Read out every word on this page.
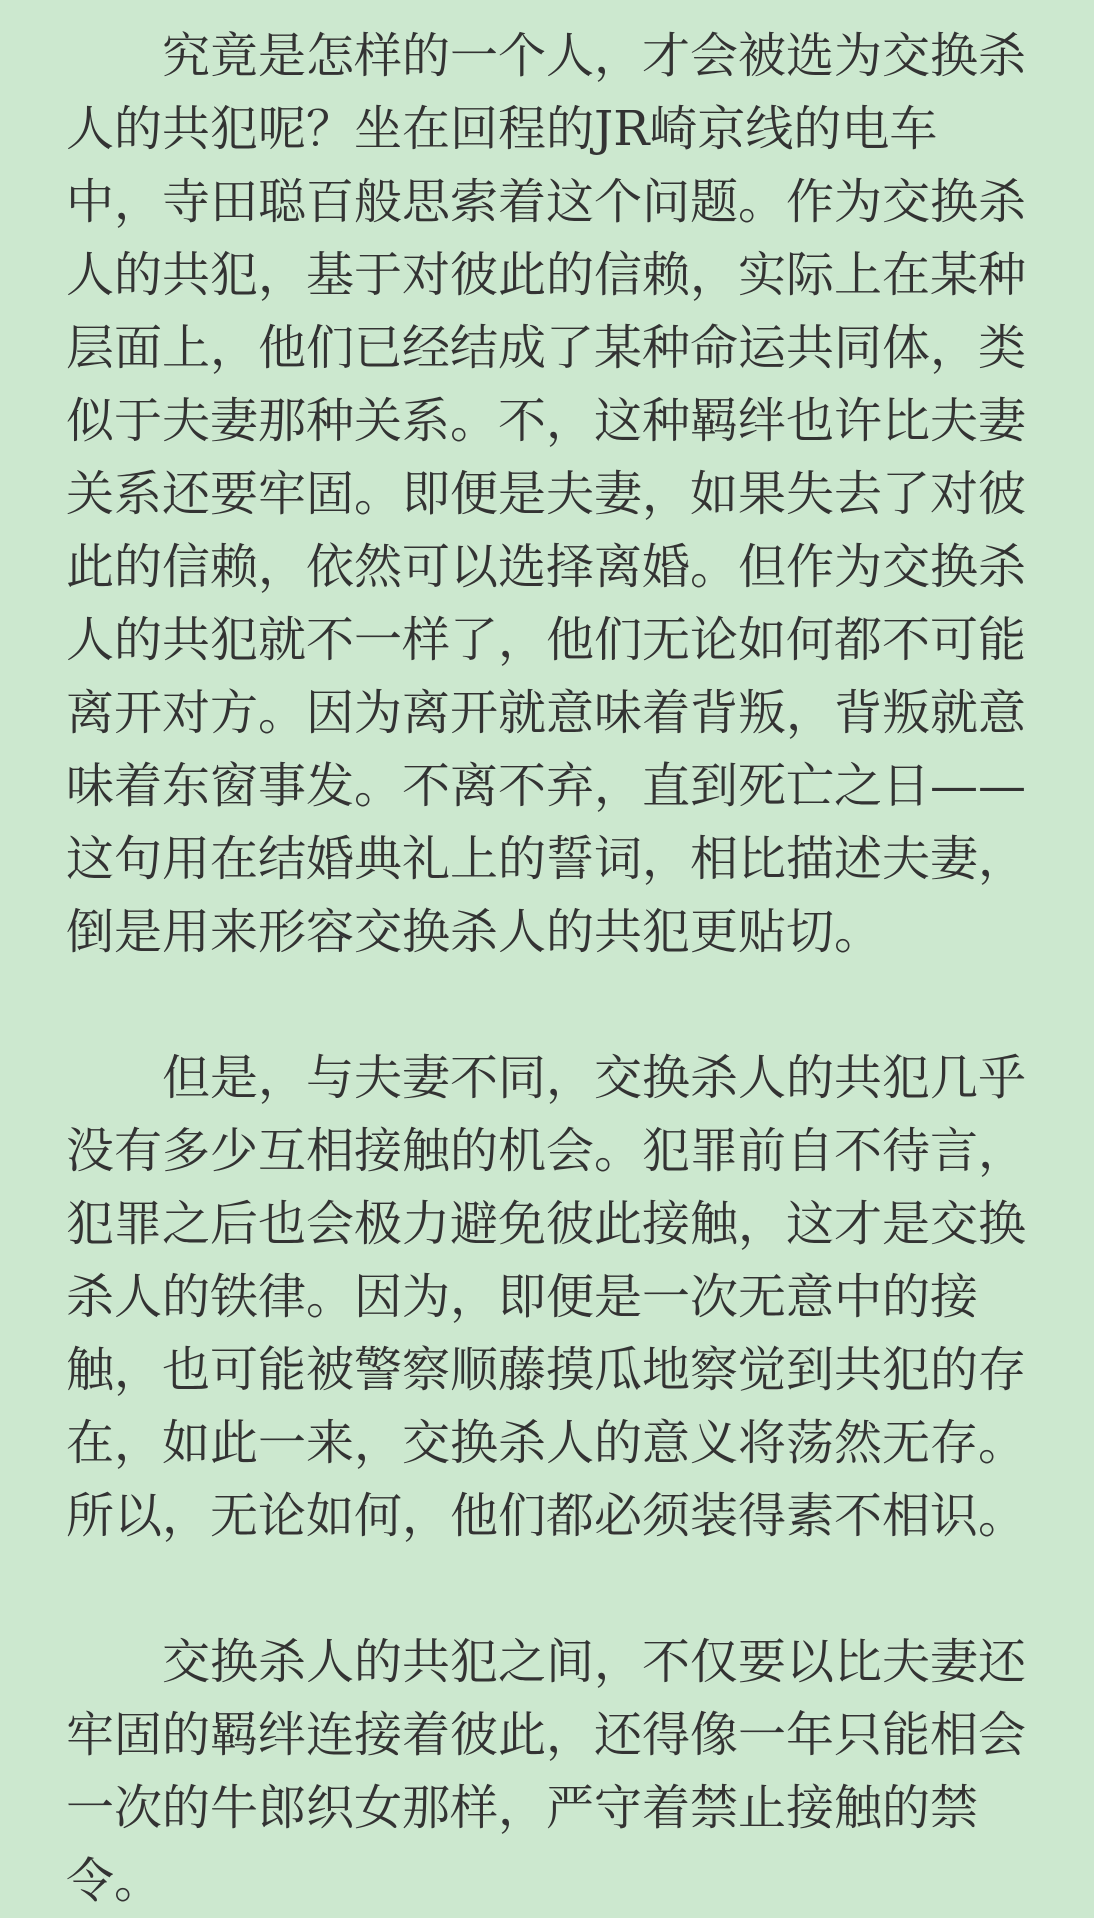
究竟是怎样的一个人，才会被选为交换杀人的共犯呢？坐在回程的JR崎京线的电车中，寺田聪百般思索着这个问题。作为交换杀人的共犯，基于对彼此的信赖，实际上在某种层面上，他们已经结成了某种命运共同体，类似于夫妻那种关系。不，这种羁绊也许比夫妻关系还要牢固。即便是夫妻，如果失去了对彼此的信赖，依然可以选择离婚。但作为交换杀人的共犯就不一样了，他们无论如何都不可能离开对方。因为离开就意味着背叛，背叛就意味着东窗事发。不离不弃，直到死亡之日——这句用在结婚典礼上的誓词，相比描述夫妻，倒是用来形容交换杀人的共犯更贴切。

但是，与夫妻不同，交换杀人的共犯几乎没有多少互相接触的机会。犯罪前自不待言，犯罪之后也会极力避免彼此接触，这才是交换杀人的铁律。因为，即便是一次无意中的接触，也可能被警察顺藤摸瓜地察觉到共犯的存在，如此一来，交换杀人的意义将荡然无存。所以，无论如何，他们都必须装得素不相识。

交换杀人的共犯之间，不仅要以比夫妻还牢固的羁绊连接着彼此，还得像一年只能相会一次的牛郎织女那样，严守着禁止接触的禁令。
